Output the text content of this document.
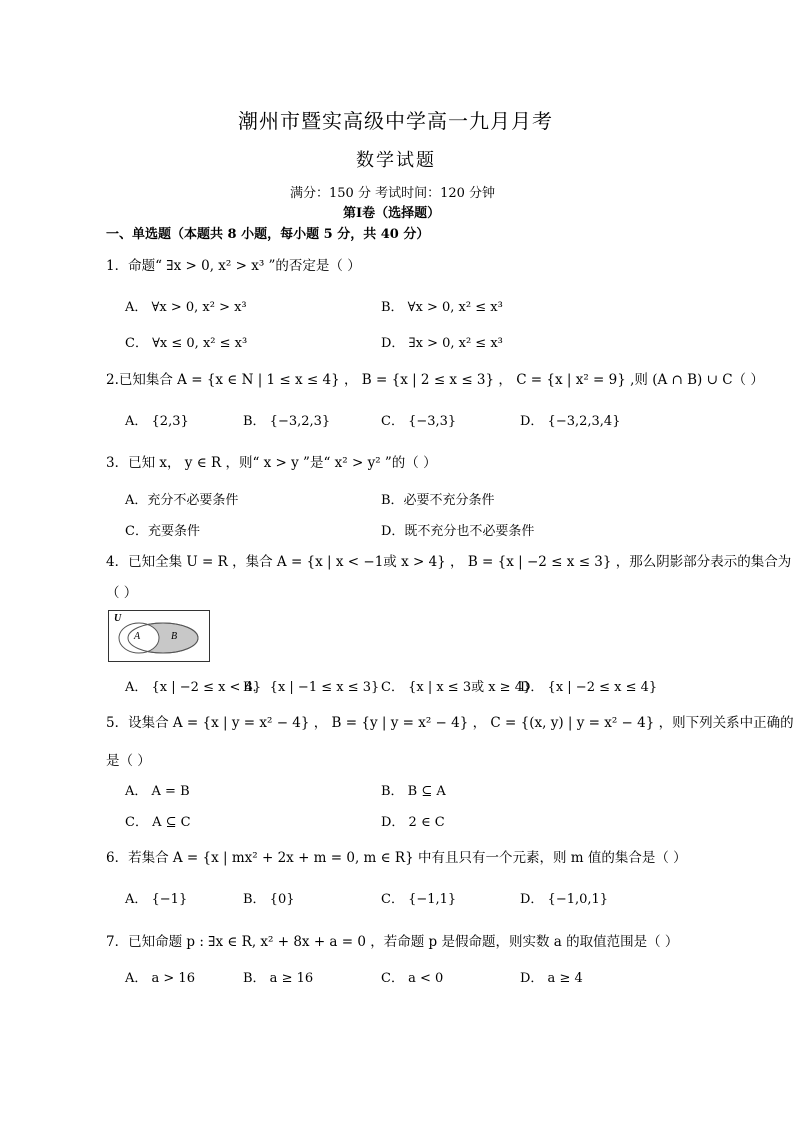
潮州市暨实高级中学高一九月月考
数学试题
满分：150 分 考试时间：120 分钟
第Ⅰ卷（选择题）
一、单选题（本题共 8 小题，每小题 5 分，共 40 分）
1．命题“ ∃x > 0, x² > x³ ”的否定是（ ）
A． ∀x > 0, x² > x³	B． ∀x > 0, x² ≤ x³
C． ∀x ≤ 0, x² ≤ x³	D． ∃x > 0, x² ≤ x³
2.已知集合 A = {x ∈ N | 1 ≤ x ≤ 4} ， B = {x | 2 ≤ x ≤ 3} ， C = {x | x² = 9} ,则 (A ∩ B) ∪ C（ ）
A． {2,3}	B． {−3,2,3}	C． {−3,3}	D． {−3,2,3,4}
3．已知 x， y ∈ R ，则“ x > y ”是“ x² > y² ”的（ ）
A．充分不必要条件	B．必要不充分条件
C．充要条件	D．既不充分也不必要条件
4．已知全集 U = R ，集合 A = {x | x < −1或 x > 4} ， B = {x | −2 ≤ x ≤ 3} ，那么阴影部分表示的集合为
（ ）
U
A	B
A． {x | −2 ≤ x < 4}
B． {x | −1 ≤ x ≤ 3} C． {x | x ≤ 3或 x ≥ 4}
D． {x | −2 ≤ x ≤ 4}
5．设集合 A = {x | y = x² − 4} ， B = {y | y = x² − 4} ， C = {(x, y) | y = x² − 4} ，则下列关系中正确的
是（ ）
A． A = B	B． B ⊆ A
C． A ⊆ C	D． 2 ∈ C
6．若集合 A = {x | mx² + 2x + m = 0, m ∈ R} 中有且只有一个元素，则 m 值的集合是（ ）
A． {−1}	B． {0}	C． {−1,1}	D． {−1,0,1}
7．已知命题 p : ∃x ∈ R, x² + 8x + a = 0 ，若命题 p 是假命题，则实数 a 的取值范围是（ ）
A． a > 16	B． a ≥ 16	C． a < 0	D． a ≥ 4
